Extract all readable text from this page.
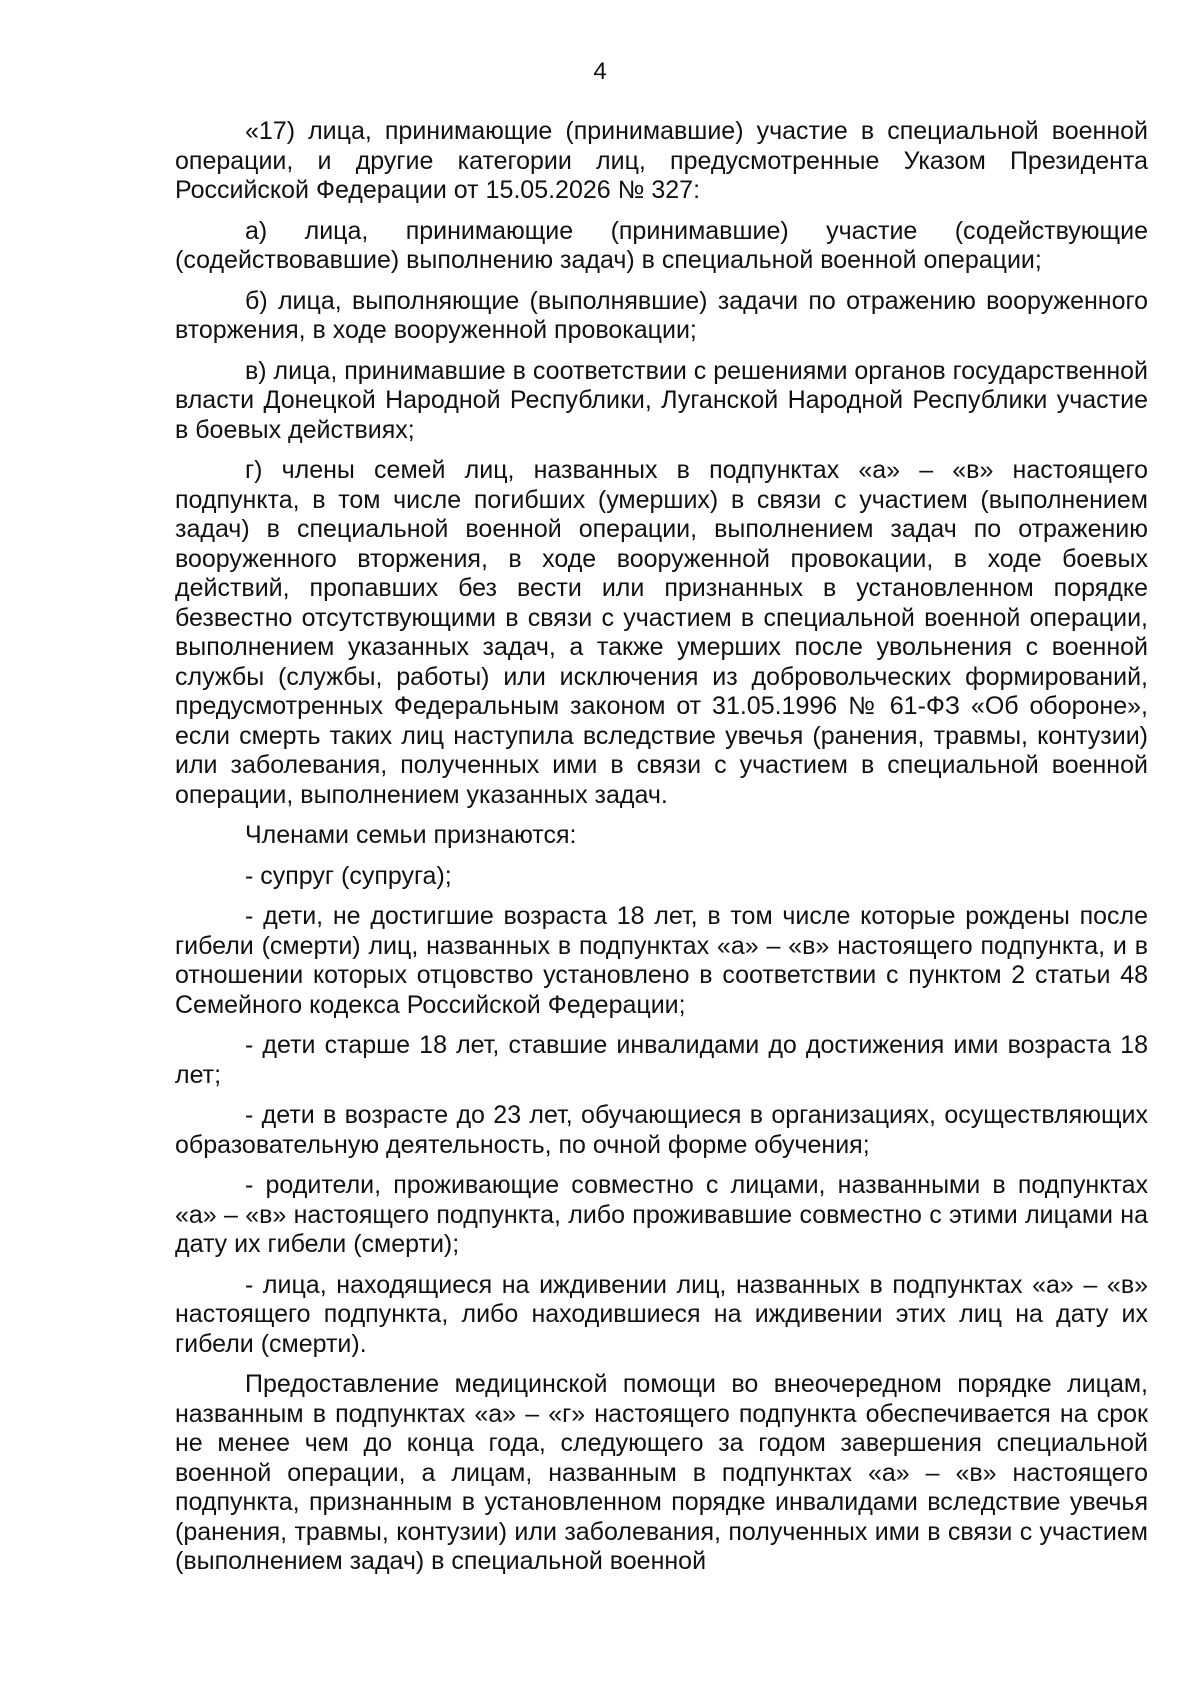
4

«17) лица, принимающие (принимавшие) участие в специальной военной операции, и другие категории лиц, предусмотренные Указом Президента Российской Федерации от 15.05.2026 № 327:

а) лица, принимающие (принимавшие) участие (содействующие (содействовавшие) выполнению задач) в специальной военной операции;

б) лица, выполняющие (выполнявшие) задачи по отражению вооруженного вторжения, в ходе вооруженной провокации;

в) лица, принимавшие в соответствии с решениями органов государственной власти Донецкой Народной Республики, Луганской Народной Республики участие в боевых действиях;

г) члены семей лиц, названных в подпунктах «а» – «в» настоящего подпункта, в том числе погибших (умерших) в связи с участием (выполнением задач) в специальной военной операции, выполнением задач по отражению вооруженного вторжения, в ходе вооруженной провокации, в ходе боевых действий, пропавших без вести или признанных в установленном порядке безвестно отсутствующими в связи с участием в специальной военной операции, выполнением указанных задач, а также умерших после увольнения с военной службы (службы, работы) или исключения из добровольческих формирований, предусмотренных Федеральным законом от 31.05.1996 № 61-ФЗ «Об обороне», если смерть таких лиц наступила вследствие увечья (ранения, травмы, контузии) или заболевания, полученных ими в связи с участием в специальной военной операции, выполнением указанных задач.

Членами семьи признаются:

- супруг (супруга);

- дети, не достигшие возраста 18 лет, в том числе которые рождены после гибели (смерти) лиц, названных в подпунктах «а» – «в» настоящего подпункта, и в отношении которых отцовство установлено в соответствии с пунктом 2 статьи 48 Семейного кодекса Российской Федерации;

- дети старше 18 лет, ставшие инвалидами до достижения ими возраста 18 лет;

- дети в возрасте до 23 лет, обучающиеся в организациях, осуществляющих образовательную деятельность, по очной форме обучения;

- родители, проживающие совместно с лицами, названными в подпунктах «а» – «в» настоящего подпункта, либо проживавшие совместно с этими лицами на дату их гибели (смерти);

- лица, находящиеся на иждивении лиц, названных в подпунктах «а» – «в» настоящего подпункта, либо находившиеся на иждивении этих лиц на дату их гибели (смерти).

Предоставление медицинской помощи во внеочередном порядке лицам, названным в подпунктах «а» – «г» настоящего подпункта обеспечивается на срок не менее чем до конца года, следующего за годом завершения специальной военной операции, а лицам, названным в подпунктах «а» – «в» настоящего подпункта, признанным в установленном порядке инвалидами вследствие увечья (ранения, травмы, контузии) или заболевания, полученных ими в связи с участием (выполнением задач) в специальной военной
